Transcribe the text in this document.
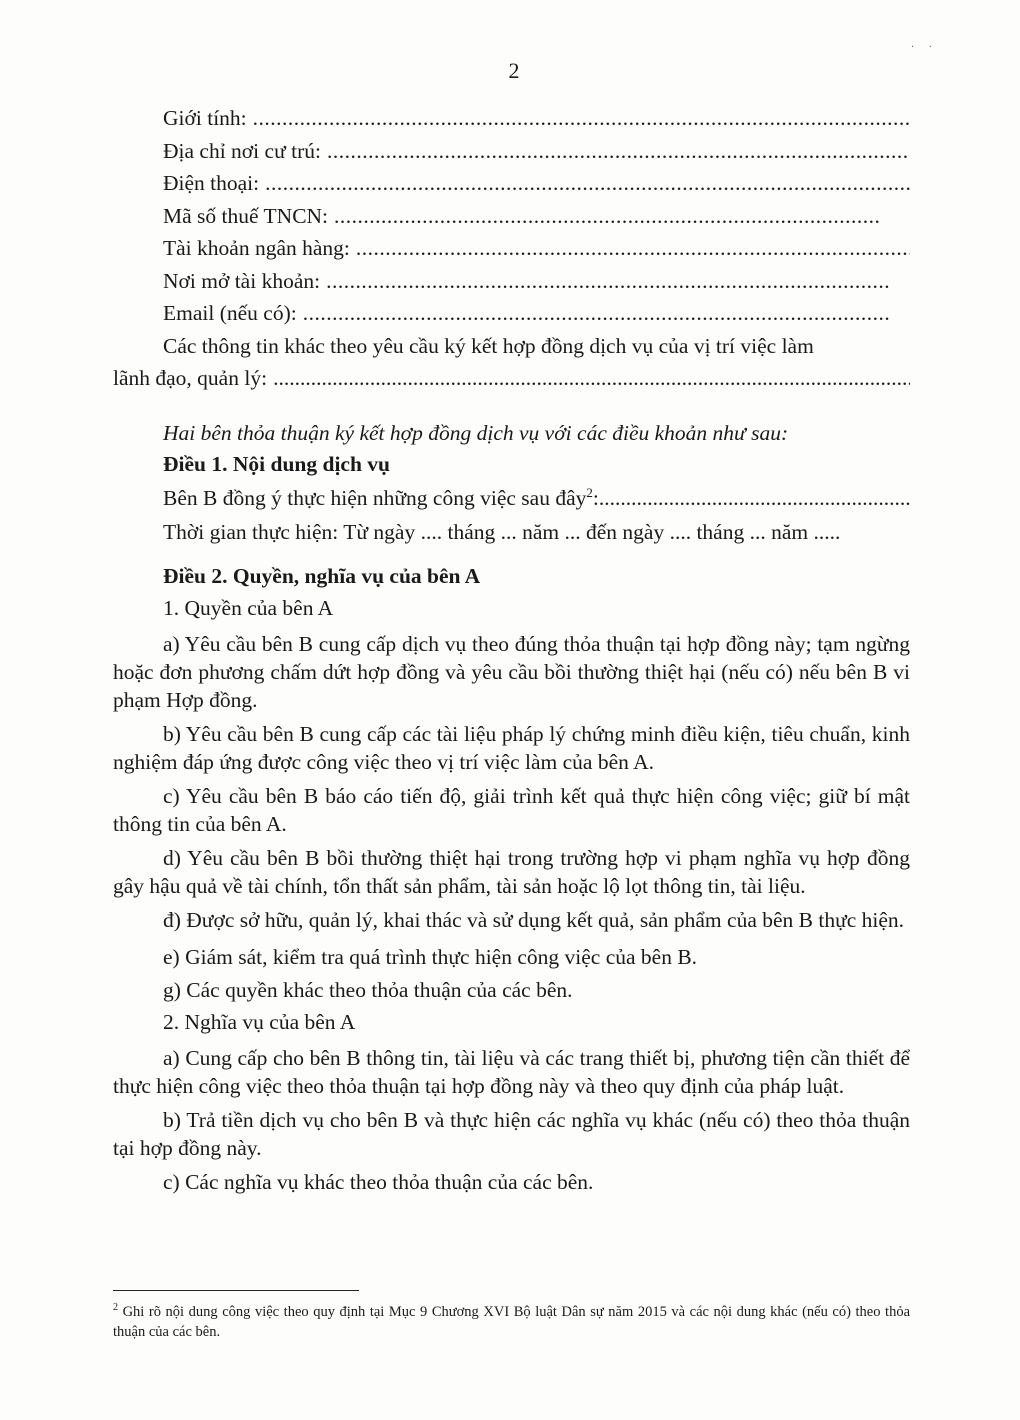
2
· ·
Giới tính:
.....
Địa chỉ nơi cư trú:
.....
Điện thoại:
.....
Mã số thuế TNCN:
.....
Tài khoản ngân hàng:
.....
Nơi mở tài khoản:
.....
Email (nếu có):
.....
Các thông tin khác theo yêu cầu ký kết hợp đồng dịch vụ của vị trí việc làm
lãnh đạo, quản lý:
.....
Hai bên thỏa thuận ký kết hợp đồng dịch vụ với các điều khoản như sau:
Điều 1. Nội dung dịch vụ
Bên B đồng ý thực hiện những công việc sau đây$^2$:
.....

Thời gian thực hiện: Từ ngày .... tháng ... năm ... đến ngày .... tháng ... năm .....

Điều 2. Quyền, nghĩa vụ của bên A
1. Quyền của bên A

a) Yêu cầu bên B cung cấp dịch vụ theo đúng thỏa thuận tại hợp đồng này; tạm ngừng hoặc đơn phương chấm dứt hợp đồng và yêu cầu bồi thường thiệt hại (nếu có) nếu bên B vi phạm Hợp đồng.

b) Yêu cầu bên B cung cấp các tài liệu pháp lý chứng minh điều kiện, tiêu chuẩn, kinh nghiệm đáp ứng được công việc theo vị trí việc làm của bên A.

c) Yêu cầu bên B báo cáo tiến độ, giải trình kết quả thực hiện công việc; giữ bí mật thông tin của bên A.

d) Yêu cầu bên B bồi thường thiệt hại trong trường hợp vi phạm nghĩa vụ hợp đồng gây hậu quả về tài chính, tổn thất sản phẩm, tài sản hoặc lộ lọt thông tin, tài liệu.

đ) Được sở hữu, quản lý, khai thác và sử dụng kết quả, sản phẩm của bên B thực hiện.

e) Giám sát, kiểm tra quá trình thực hiện công việc của bên B.

g) Các quyền khác theo thỏa thuận của các bên.

2. Nghĩa vụ của bên A

a) Cung cấp cho bên B thông tin, tài liệu và các trang thiết bị, phương tiện cần thiết để thực hiện công việc theo thỏa thuận tại hợp đồng này và theo quy định của pháp luật.

b) Trả tiền dịch vụ cho bên B và thực hiện các nghĩa vụ khác (nếu có) theo thỏa thuận tại hợp đồng này.

c) Các nghĩa vụ khác theo thỏa thuận của các bên.

$^2$ Ghi rõ nội dung công việc theo quy định tại Mục 9 Chương XVI Bộ luật Dân sự năm 2015 và các nội dung khác (nếu có) theo thỏa thuận của các bên.
